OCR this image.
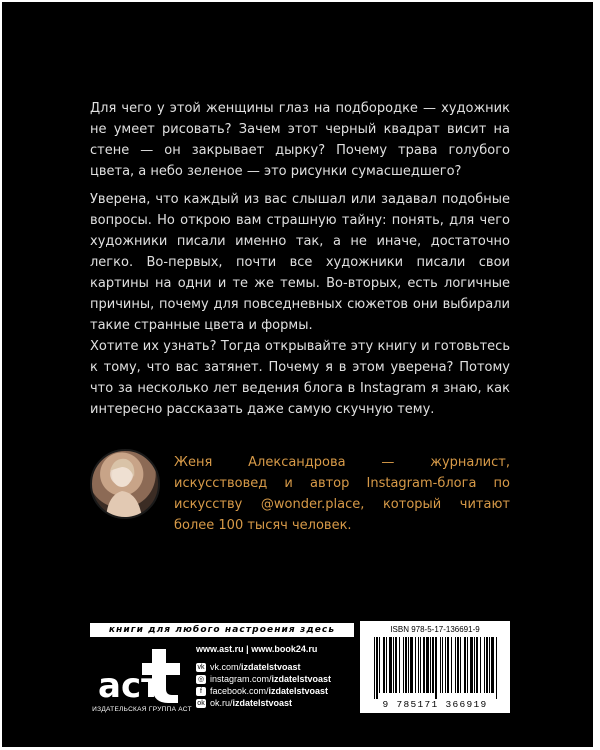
Для чего у этой женщины глаз на подбородке — художник не умеет рисовать? Зачем этот черный квадрат висит на стене — он закрывает дырку? Почему трава голубого цвета, а небо зеленое — это рисунки сумасшедшего?

Уверена, что каждый из вас слышал или задавал подобные вопросы. Но открою вам страшную тайну: понять, для чего художники писали именно так, а не иначе, достаточно легко. Во-первых, почти все художники писали свои картины на одни и те же темы. Во-вторых, есть логичные причины, почему для повседневных сюжетов они выбирали такие странные цвета и формы.

Хотите их узнать? Тогда открывайте эту книгу и готовьтесь к тому, что вас затянет. Почему я в этом уверена? Потому что за несколько лет ведения блога в Instagram я знаю, как интересно рассказать даже самую скучную тему.

Женя Александрова — журналист, искусствовед и автор Instagram-блога по искусству @wonder.place, который читают более 100 тысяч человек.

книги для любого настроения здесь
аст
ИЗДАТЕЛЬСКАЯ ГРУППА АСТ
www.ast.ru | www.book24.ru
vk vk.com/ izdatelstvoast
◎ instagram.com/ izdatelstvoast
f facebook.com/ izdatelstvoast
ok ok.ru/ izdatelstvoast
ISBN 978-5-17-136691-9
9 785171 366919
